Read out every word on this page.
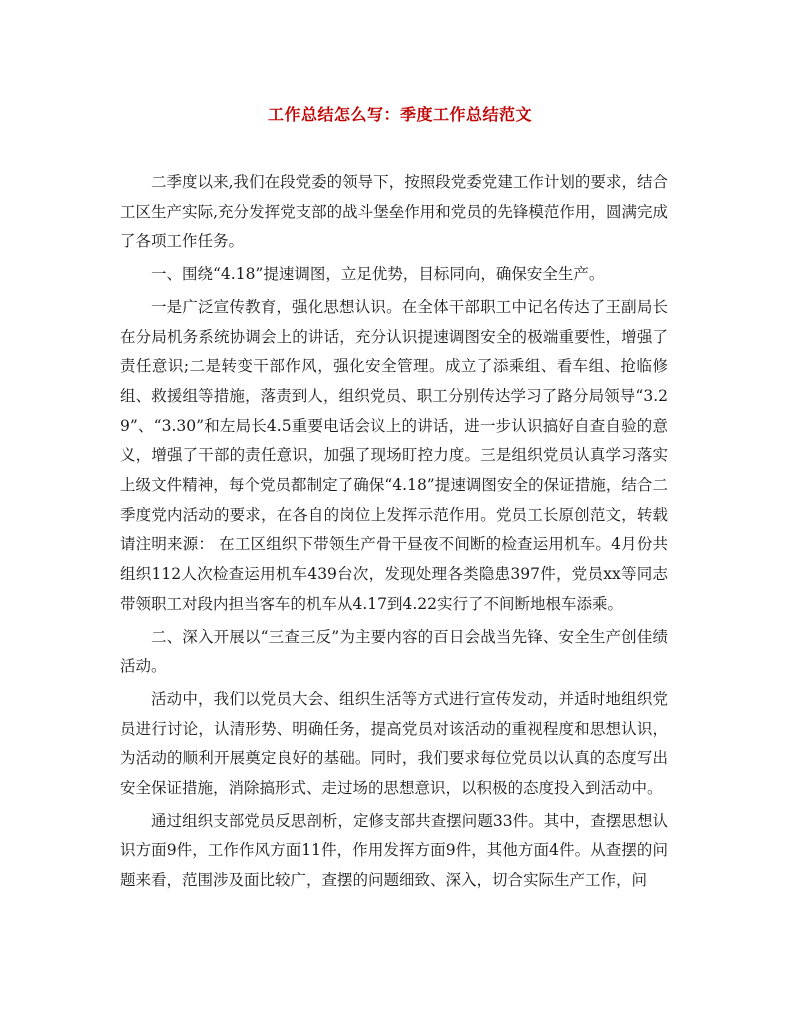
工作总结怎么写：季度工作总结范文

二季度以来,我们在段党委的领导下，按照段党委党建工作计划的要求，结合工区生产实际,充分发挥党支部的战斗堡垒作用和党员的先锋模范作用，圆满完成了各项工作任务。

一、围绕“4.18”提速调图，立足优势，目标同向，确保安全生产。

一是广泛宣传教育，强化思想认识。在全体干部职工中记名传达了王副局长在分局机务系统协调会上的讲话，充分认识提速调图安全的极端重要性，增强了责任意识;二是转变干部作风，强化安全管理。成立了添乘组、看车组、抢临修组、救援组等措施，落责到人，组织党员、职工分别传达学习了路分局领导“3.29”、“3.30”和左局长4.5重要电话会议上的讲话，进一步认识搞好自查自验的意义，增强了干部的责任意识，加强了现场盯控力度。三是组织党员认真学习落实上级文件精神，每个党员都制定了确保“4.18”提速调图安全的保证措施，结合二季度党内活动的要求，在各自的岗位上发挥示范作用。党员工长原创范文，转载请注明来源： 在工区组织下带领生产骨干昼夜不间断的检查运用机车。4月份共组织112人次检查运用机车439台次，发现处理各类隐患397件，党员xx等同志带领职工对段内担当客车的机车从4.17到4.22实行了不间断地根车添乘。

二、深入开展以“三查三反”为主要内容的百日会战当先锋、安全生产创佳绩活动。

活动中，我们以党员大会、组织生活等方式进行宣传发动，并适时地组织党员进行讨论，认清形势、明确任务，提高党员对该活动的重视程度和思想认识，为活动的顺利开展奠定良好的基础。同时，我们要求每位党员以认真的态度写出安全保证措施，消除搞形式、走过场的思想意识，以积极的态度投入到活动中。

通过组织支部党员反思剖析，定修支部共查摆问题33件。其中，查摆思想认识方面9件，工作作风方面11件，作用发挥方面9件，其他方面4件。从查摆的问题来看，范围涉及面比较广，查摆的问题细致、深入，切合实际生产工作，问
